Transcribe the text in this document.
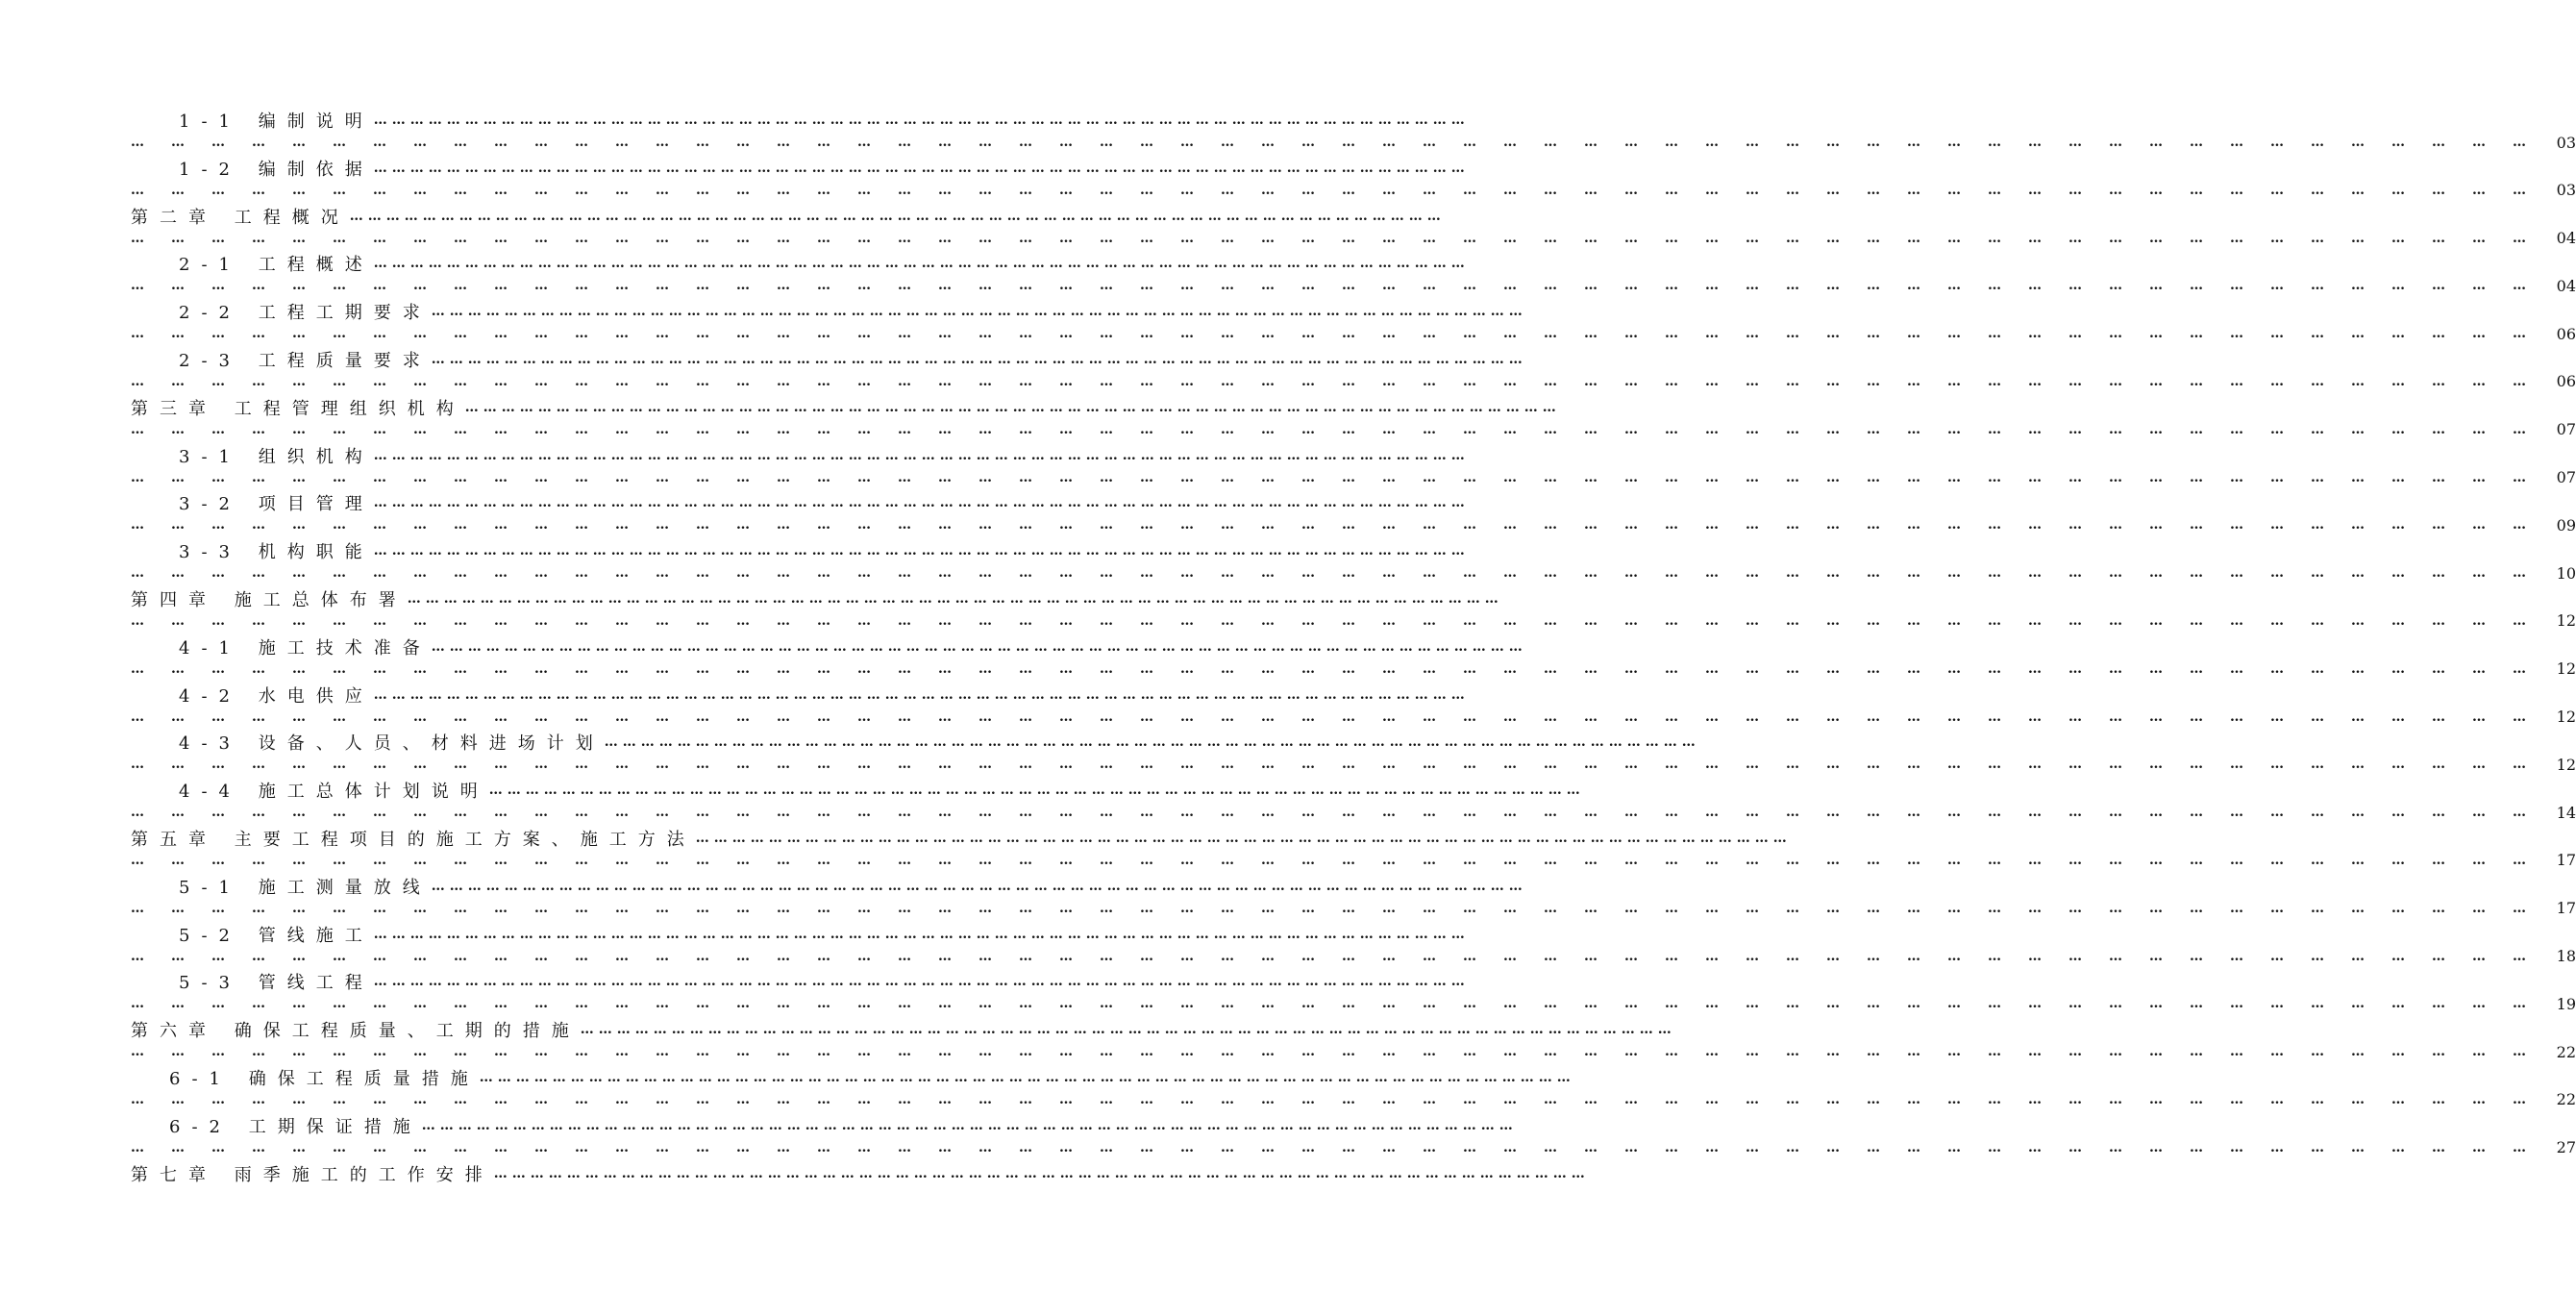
1-1 编制说明 ………………………………………………………………………………………………………………………………………………………………
……………………………………………………………………………………………………………………………………………………………… 03
1-2 编制依据 ………………………………………………………………………………………………………………………………………………………………
……………………………………………………………………………………………………………………………………………………………… 03
第二章 工程概况 ………………………………………………………………………………………………………………………………………………………………
……………………………………………………………………………………………………………………………………………………………… 04
2-1 工程概述 ………………………………………………………………………………………………………………………………………………………………
……………………………………………………………………………………………………………………………………………………………… 04
2-2 工程工期要求 ………………………………………………………………………………………………………………………………………………………………
……………………………………………………………………………………………………………………………………………………………… 06
2-3 工程质量要求 ………………………………………………………………………………………………………………………………………………………………
……………………………………………………………………………………………………………………………………………………………… 06
第三章 工程管理组织机构 ………………………………………………………………………………………………………………………………………………………………
……………………………………………………………………………………………………………………………………………………………… 07
3-1 组织机构 ………………………………………………………………………………………………………………………………………………………………
……………………………………………………………………………………………………………………………………………………………… 07
3-2 项目管理 ………………………………………………………………………………………………………………………………………………………………
……………………………………………………………………………………………………………………………………………………………… 09
3-3 机构职能 ………………………………………………………………………………………………………………………………………………………………
……………………………………………………………………………………………………………………………………………………………… 10
第四章 施工总体布署 ………………………………………………………………………………………………………………………………………………………………
……………………………………………………………………………………………………………………………………………………………… 12
4-1 施工技术准备 ………………………………………………………………………………………………………………………………………………………………
……………………………………………………………………………………………………………………………………………………………… 12
4-2 水电供应 ………………………………………………………………………………………………………………………………………………………………
……………………………………………………………………………………………………………………………………………………………… 12
4-3 设备、人员、材料进场计划 ………………………………………………………………………………………………………………………………………………………………
……………………………………………………………………………………………………………………………………………………………… 12
4-4 施工总体计划说明 ………………………………………………………………………………………………………………………………………………………………
……………………………………………………………………………………………………………………………………………………………… 14
第五章 主要工程项目的施工方案、施工方法 ………………………………………………………………………………………………………………………………………………………………
……………………………………………………………………………………………………………………………………………………………… 17
5-1 施工测量放线 ………………………………………………………………………………………………………………………………………………………………
……………………………………………………………………………………………………………………………………………………………… 17
5-2 管线施工 ………………………………………………………………………………………………………………………………………………………………
……………………………………………………………………………………………………………………………………………………………… 18
5-3 管线工程 ………………………………………………………………………………………………………………………………………………………………
……………………………………………………………………………………………………………………………………………………………… 19
第六章 确保工程质量、工期的措施 ………………………………………………………………………………………………………………………………………………………………
……………………………………………………………………………………………………………………………………………………………… 22
6-1 确保工程质量措施 ………………………………………………………………………………………………………………………………………………………………
……………………………………………………………………………………………………………………………………………………………… 22
6-2 工期保证措施 ………………………………………………………………………………………………………………………………………………………………
……………………………………………………………………………………………………………………………………………………………… 27
第七章 雨季施工的工作安排 ………………………………………………………………………………………………………………………………………………………………
